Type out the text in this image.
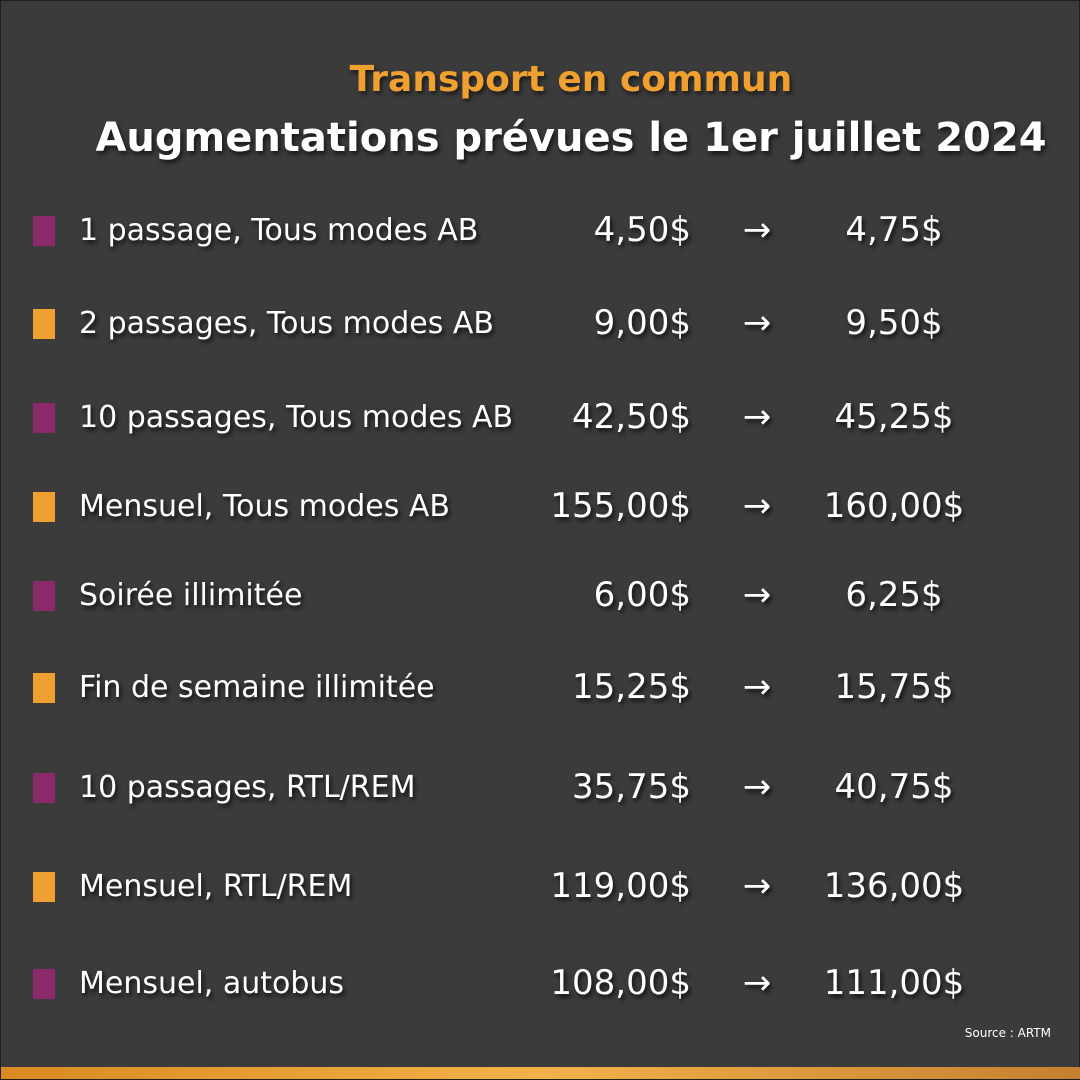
Transport en commun
Augmentations prévues le 1er juillet 2024
1 passage, Tous modes AB	4,50$ → 4,75$
2 passages, Tous modes AB	9,00$ → 9,50$
10 passages, Tous modes AB 42,50$ → 45,25$
Mensuel, Tous modes AB	155,00$ → 160,00$
Soirée illimitée	6,00$ → 6,25$
Fin de semaine illimitée	15,25$ → 15,75$
10 passages, RTL/REM	35,75$ → 40,75$
Mensuel, RTL/REM	119,00$ → 136,00$
Mensuel, autobus	108,00$ → 111,00$
Source : ARTM
